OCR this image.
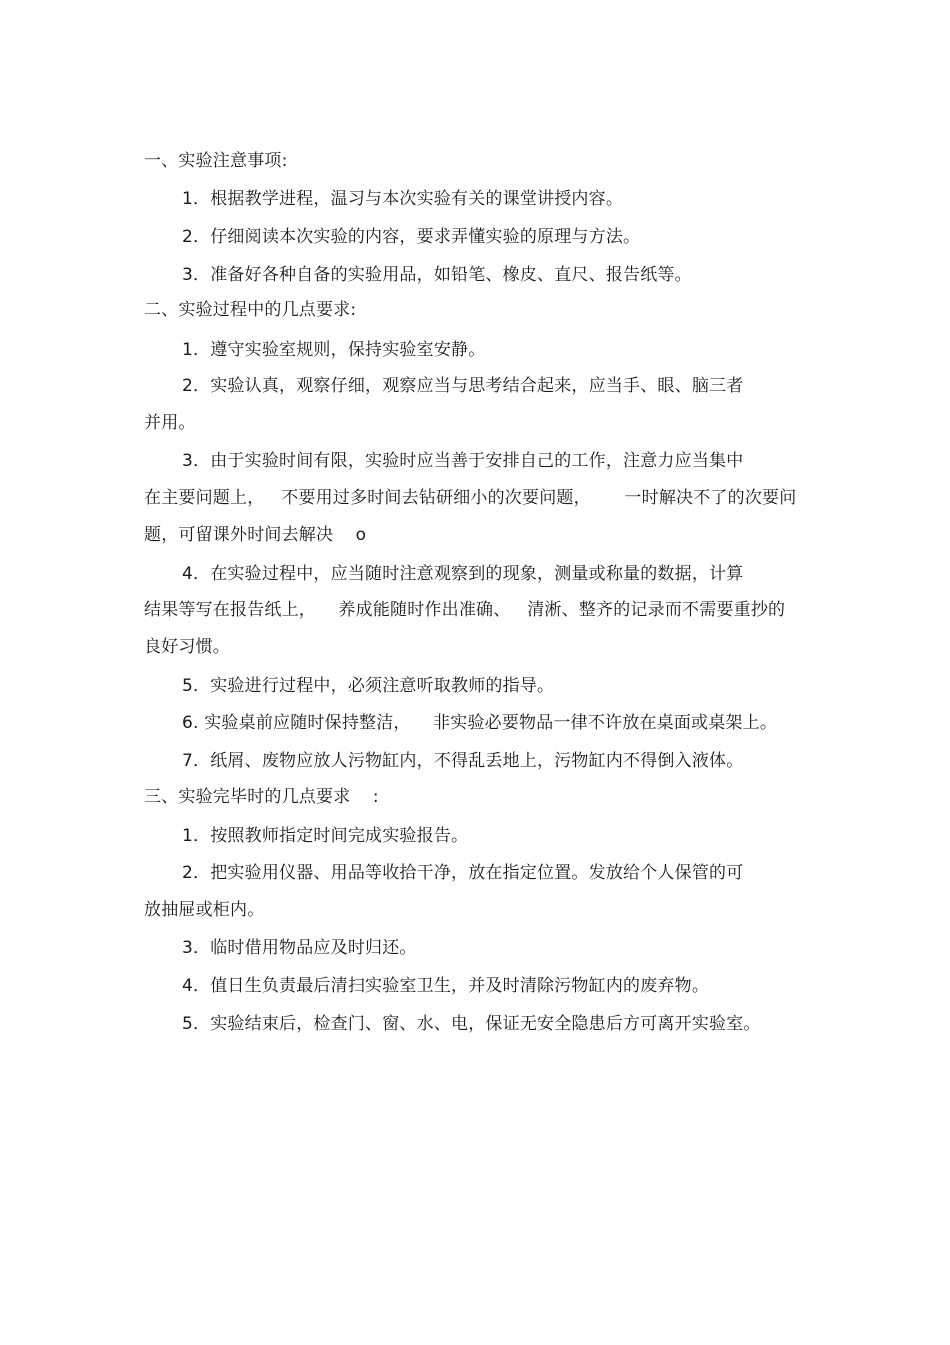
一、实验注意事项:
1．根据教学进程，温习与本次实验有关的课堂讲授内容。
2．仔细阅读本次实验的内容，要求弄懂实验的原理与方法。
3．准备好各种自备的实验用品，如铅笔、橡皮、直尺、报告纸等。
二、实验过程中的几点要求:
1．遵守实验室规则，保持实验室安静。
2．实验认真，观察仔细，观察应当与思考结合起来，应当手、眼、脑三者
并用。
3．由于实验时间有限，实验时应当善于安排自己的工作，注意力应当集中
在主要问题上，   不要用过多时间去钻研细小的次要问题，      一时解决不了的次要问
题，可留课外时间去解决    o
4．在实验过程中，应当随时注意观察到的现象，测量或称量的数据，计算
结果等写在报告纸上，    养成能随时作出准确、   清淅、整齐的记录而不需要重抄的
良好习惯。
5．实验进行过程中，必须注意听取教师的指导。
6. 实验桌前应随时保持整洁，    非实验必要物品一律不许放在桌面或桌架上。
7．纸屑、废物应放人污物缸内，不得乱丢地上，污物缸内不得倒入液体。
三、实验完毕时的几点要求    :
1．按照教师指定时间完成实验报告。
2．把实验用仪器、用品等收拾干净，放在指定位置。发放给个人保管的可
放抽屉或柜内。
3．临时借用物品应及时归还。
4．值日生负责最后清扫实验室卫生，并及时清除污物缸内的废弃物。
5．实验结束后，检查门、窗、水、电，保证无安全隐患后方可离开实验室。
